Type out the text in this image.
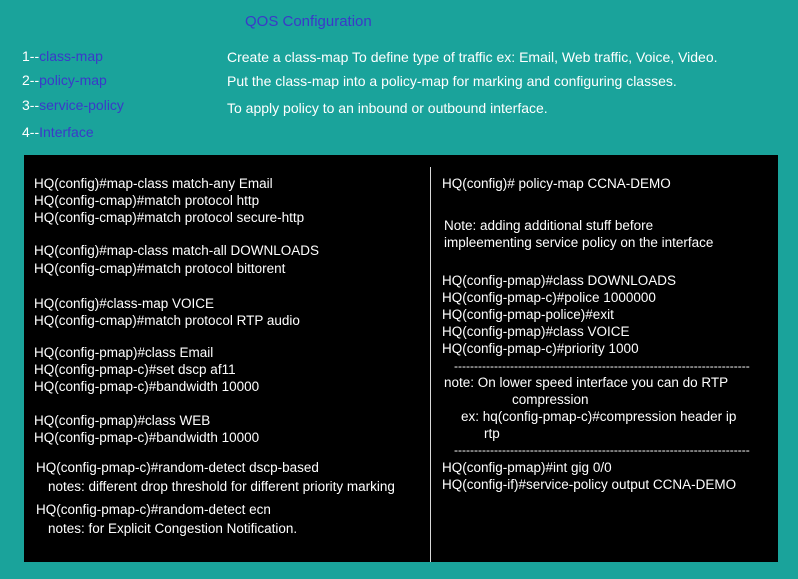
QOS Configuration
1--class-map
2--policy-map
3--service-policy
4--Interface
Create a class-map To define type of traffic ex: Email, Web traffic, Voice, Video.
Put the class-map into a policy-map for marking and configuring classes.
To apply policy to an inbound or outbound interface.
HQ(config)#map-class match-any Email
HQ(config-cmap)#match protocol http
HQ(config-cmap)#match protocol secure-http
HQ(config)#map-class match-all DOWNLOADS
HQ(config-cmap)#match protocol bittorent
HQ(config)#class-map VOICE
HQ(config-cmap)#match protocol RTP audio
HQ(config-pmap)#class Email
HQ(config-pmap-c)#set dscp af11
HQ(config-pmap-c)#bandwidth 10000
HQ(config-pmap)#class WEB
HQ(config-pmap-c)#bandwidth 10000
HQ(config-pmap-c)#random-detect dscp-based
notes: different drop threshold for different priority marking
HQ(config-pmap-c)#random-detect ecn
notes: for Explicit Congestion Notification.
HQ(config)# policy-map CCNA-DEMO
Note: adding additional stuff before
impleementing service policy on the interface
HQ(config-pmap)#class DOWNLOADS
HQ(config-pmap-c)#police 1000000
HQ(config-pmap-police)#exit
HQ(config-pmap)#class VOICE
HQ(config-pmap-c)#priority 1000
--------------------------------------------------------------------------
note: On lower speed interface you can do RTP
compression
ex: hq(config-pmap-c)#compression header ip
rtp
--------------------------------------------------------------------------
HQ(config-pmap)#int gig 0/0
HQ(config-if)#service-policy output CCNA-DEMO
